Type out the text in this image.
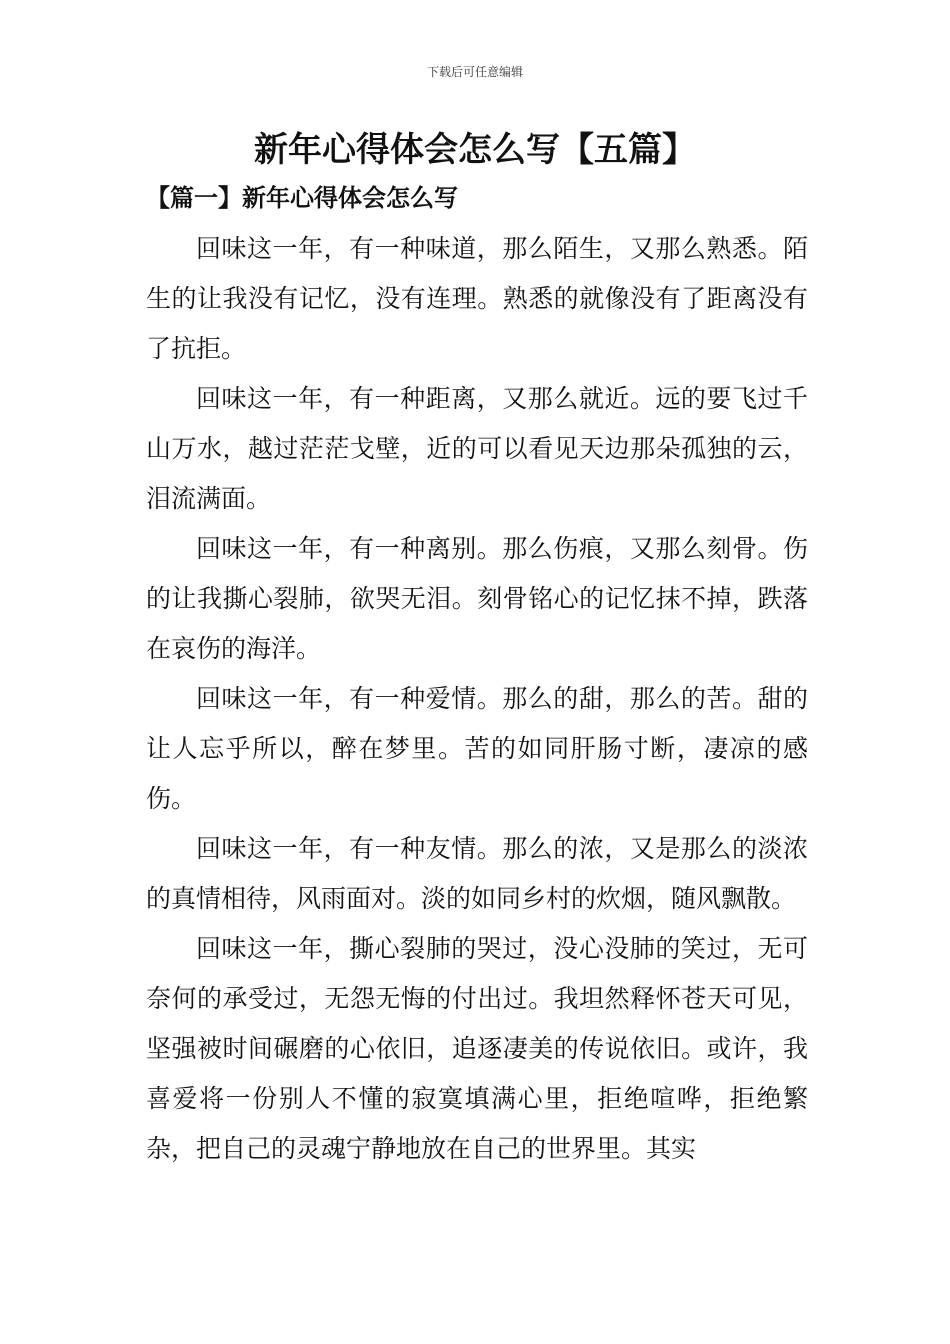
下载后可任意编辑
新年心得体会怎么写【五篇】
【篇一】新年心得体会怎么写

回味这一年，有一种味道，那么陌生，又那么熟悉。陌生的让我没有记忆，没有连理。熟悉的就像没有了距离没有了抗拒。

回味这一年，有一种距离，又那么就近。远的要飞过千山万水，越过茫茫戈壁，近的可以看见天边那朵孤独的云，泪流满面。

回味这一年，有一种离别。那么伤痕，又那么刻骨。伤的让我撕心裂肺，欲哭无泪。刻骨铭心的记忆抹不掉，跌落在哀伤的海洋。

回味这一年，有一种爱情。那么的甜，那么的苦。甜的让人忘乎所以，醉在梦里。苦的如同肝肠寸断，凄凉的感伤。

回味这一年，有一种友情。那么的浓，又是那么的淡浓的真情相待，风雨面对。淡的如同乡村的炊烟，随风飘散。

回味这一年，撕心裂肺的哭过，没心没肺的笑过，无可奈何的承受过，无怨无悔的付出过。我坦然释怀苍天可见，坚强被时间碾磨的心依旧，追逐凄美的传说依旧。或许，我喜爱将一份别人不懂的寂寞填满心里，拒绝喧哗，拒绝繁杂，把自己的灵魂宁静地放在自己的世界里。其实
